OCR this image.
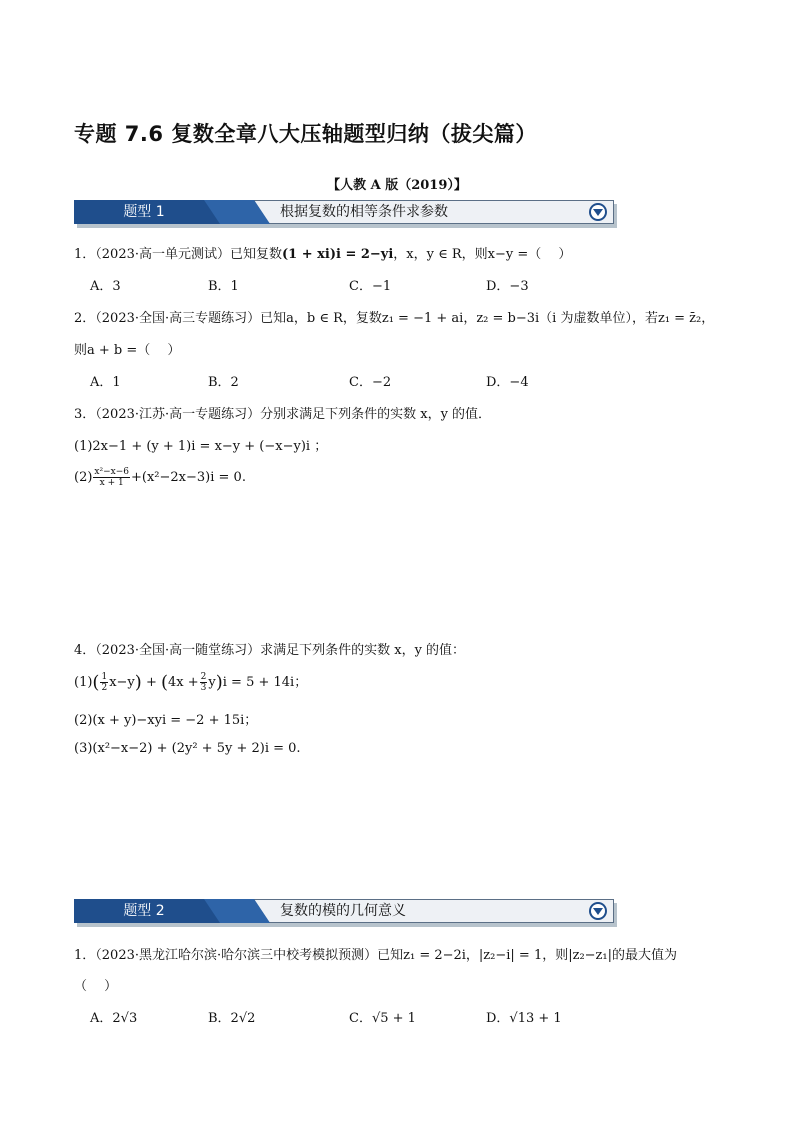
专题 7.6 复数全章八大压轴题型归纳（拔尖篇）
【人教 A 版（2019）】
题型 1	根据复数的相等条件求参数
1．（2023·高一单元测试）已知复数(1 + xi)i = 2−yi，x，y ∈ R，则x−y =（　 ）
A．3	B．1	C．−1	D．−3
2．（2023·全国·高三专题练习）已知a，b ∈ R，复数z₁ = −1 + ai，z₂ = b−3i（i 为虚数单位），若z₁ = z̄₂，
则a + b =（　 ）
A．1	B．2	C．−2	D．−4
3．（2023·江苏·高一专题练习）分别求满足下列条件的实数 x，y 的值．
(1)2x−1 + (y + 1)i = x−y + (−x−y)i ；
$(2) \frac{\text{x²−x−6}}{x + 1} +(x^2-2x-3)i = 0$.
4．（2023·全国·高一随堂练习）求满足下列条件的实数 x，y 的值：
$(1)( \frac{1}{2} x-y) + (4x + \frac{2}{3} y)i = 5 + 14i$；
(2)(x + y)−xyi = −2 + 15i；
(3)(x²−x−2) + (2y² + 5y + 2)i = 0.
题型 2	复数的模的几何意义
1．（2023·黑龙江哈尔滨·哈尔滨三中校考模拟预测）已知z₁ = 2−2i，|z₂−i| = 1，则|z₂−z₁|的最大值为
（　 ）
A．2√3	B．2√2	C．√5 + 1	D．√13 + 1
